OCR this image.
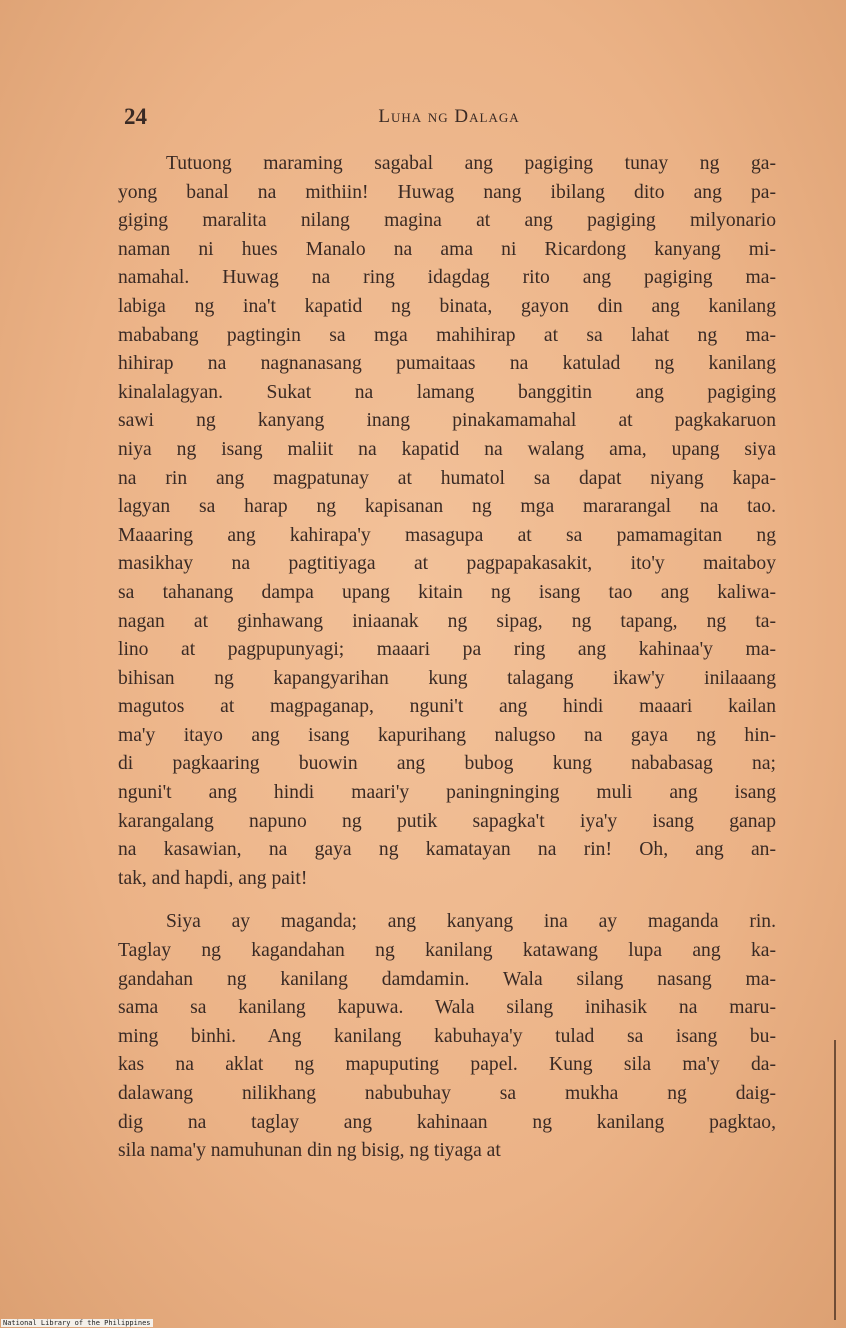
24	Luha ng Dalaga
Tutuong maraming sagabal ang pagiging tunay ng ga-
yong banal na mithiin! Huwag nang ibilang dito ang pa-
giging maralita nilang magina at ang pagiging milyonario
naman ni hues Manalo na ama ni Ricardong kanyang mi-
namahal. Huwag na ring idagdag rito ang pagiging ma-
labiga ng ina't kapatid ng binata, gayon din ang kanilang
mababang pagtingin sa mga mahihirap at sa lahat ng ma-
hihirap na nagnanasang pumaitaas na katulad ng kanilang
kinalalagyan. Sukat na lamang banggitin ang pagiging
sawi ng kanyang inang pinakamamahal at pagkakaruon
niya ng isang maliit na kapatid na walang ama, upang siya
na rin ang magpatunay at humatol sa dapat niyang kapa-
lagyan sa harap ng kapisanan ng mga mararangal na tao.
Maaaring ang kahirapa'y masagupa at sa pamamagitan ng
masikhay na pagtitiyaga at pagpapakasakit, ito'y maitaboy
sa tahanang dampa upang kitain ng isang tao ang kaliwa-
nagan at ginhawang iniaanak ng sipag, ng tapang, ng ta-
lino at pagpupunyagi; maaari pa ring ang kahinaa'y ma-
bihisan ng kapangyarihan kung talagang ikaw'y inilaaang
magutos at magpaganap, nguni't ang hindi maaari kailan
ma'y itayo ang isang kapurihang nalugso na gaya ng hin-
di pagkaaring buowin ang bubog kung nababasag na;
nguni't ang hindi maari'y paningninging muli ang isang
karangalang napuno ng putik sapagka't iya'y isang ganap
na kasawian, na gaya ng kamatayan na rin! Oh, ang an-
tak, and hapdi, ang pait!
Siya ay maganda; ang kanyang ina ay maganda rin.
Taglay ng kagandahan ng kanilang katawang lupa ang ka-
gandahan ng kanilang damdamin. Wala silang nasang ma-
sama sa kanilang kapuwa. Wala silang inihasik na maru-
ming binhi. Ang kanilang kabuhaya'y tulad sa isang bu-
kas na aklat ng mapuputing papel. Kung sila ma'y da-
dalawang nilikhang nabubuhay sa mukha ng daig-
dig na taglay ang kahinaan ng kanilang pagktao,
sila nama'y namuhunan din ng bisig, ng tiyaga at
National Library of the Philippines
